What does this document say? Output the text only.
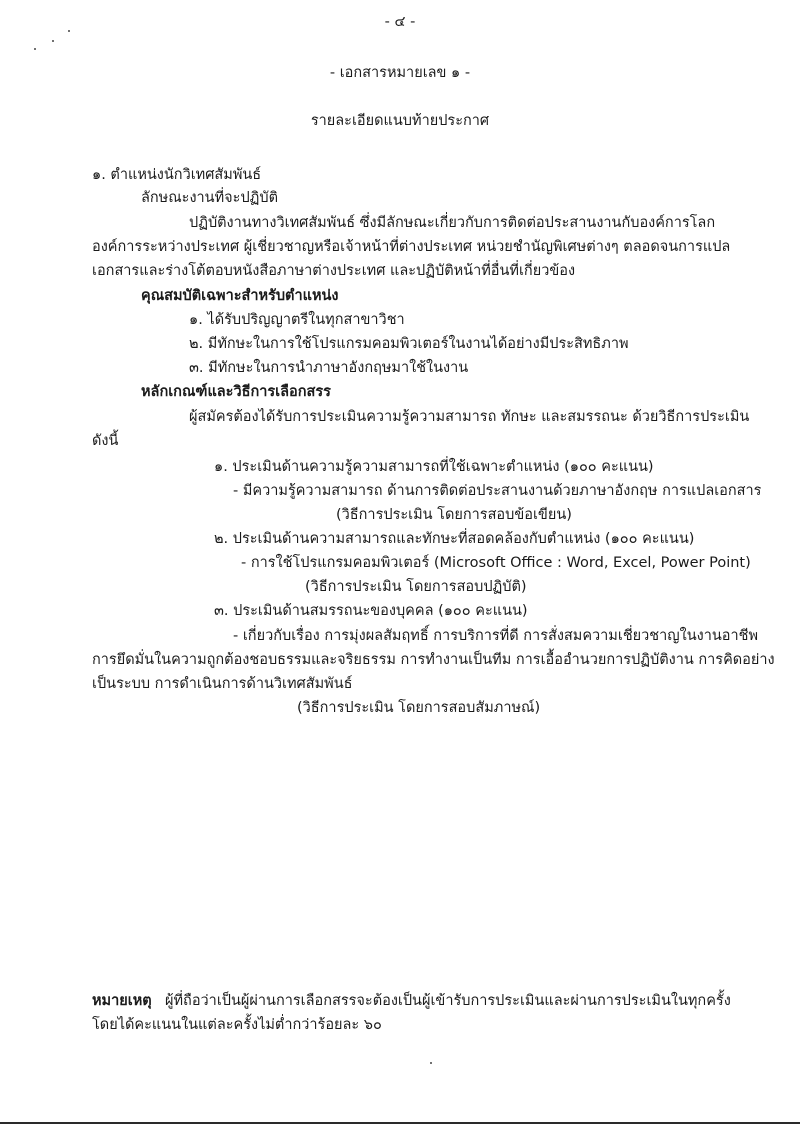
- ๔ -
- เอกสารหมายเลข ๑ -
รายละเอียดแนบท้ายประกาศ
๑. ตำแหน่งนักวิเทศสัมพันธ์
ลักษณะงานที่จะปฏิบัติ
ปฏิบัติงานทางวิเทศสัมพันธ์ ซึ่งมีลักษณะเกี่ยวกับการติดต่อประสานงานกับองค์การโลก
องค์การระหว่างประเทศ ผู้เชี่ยวชาญหรือเจ้าหน้าที่ต่างประเทศ หน่วยชำนัญพิเศษต่างๆ ตลอดจนการแปล
เอกสารและร่างโต้ตอบหนังสือภาษาต่างประเทศ และปฏิบัติหน้าที่อื่นที่เกี่ยวข้อง
คุณสมบัติเฉพาะสำหรับตำแหน่ง
๑. ได้รับปริญญาตรีในทุกสาขาวิชา
๒. มีทักษะในการใช้โปรแกรมคอมพิวเตอร์ในงานได้อย่างมีประสิทธิภาพ
๓. มีทักษะในการนำภาษาอังกฤษมาใช้ในงาน
หลักเกณฑ์และวิธีการเลือกสรร
ผู้สมัครต้องได้รับการประเมินความรู้ความสามารถ ทักษะ และสมรรถนะ ด้วยวิธีการประเมิน
ดังนี้
๑. ประเมินด้านความรู้ความสามารถที่ใช้เฉพาะตำแหน่ง (๑๐๐ คะแนน)
- มีความรู้ความสามารถ ด้านการติดต่อประสานงานด้วยภาษาอังกฤษ การแปลเอกสาร
(วิธีการประเมิน โดยการสอบข้อเขียน)
๒. ประเมินด้านความสามารถและทักษะที่สอดคล้องกับตำแหน่ง (๑๐๐ คะแนน)
- การใช้โปรแกรมคอมพิวเตอร์ (Microsoft Office : Word, Excel, Power Point)
(วิธีการประเมิน โดยการสอบปฏิบัติ)
๓. ประเมินด้านสมรรถนะของบุคคล (๑๐๐ คะแนน)
- เกี่ยวกับเรื่อง การมุ่งผลสัมฤทธิ์ การบริการที่ดี การสั่งสมความเชี่ยวชาญในงานอาชีพ
การยึดมั่นในความถูกต้องชอบธรรมและจริยธรรม การทำงานเป็นทีม การเอื้ออำนวยการปฏิบัติงาน การคิดอย่าง
เป็นระบบ การดำเนินการด้านวิเทศสัมพันธ์
(วิธีการประเมิน โดยการสอบสัมภาษณ์)
หมายเหตุ ผู้ที่ถือว่าเป็นผู้ผ่านการเลือกสรรจะต้องเป็นผู้เข้ารับการประเมินและผ่านการประเมินในทุกครั้ง
โดยได้คะแนนในแต่ละครั้งไม่ต่ำกว่าร้อยละ ๖๐
